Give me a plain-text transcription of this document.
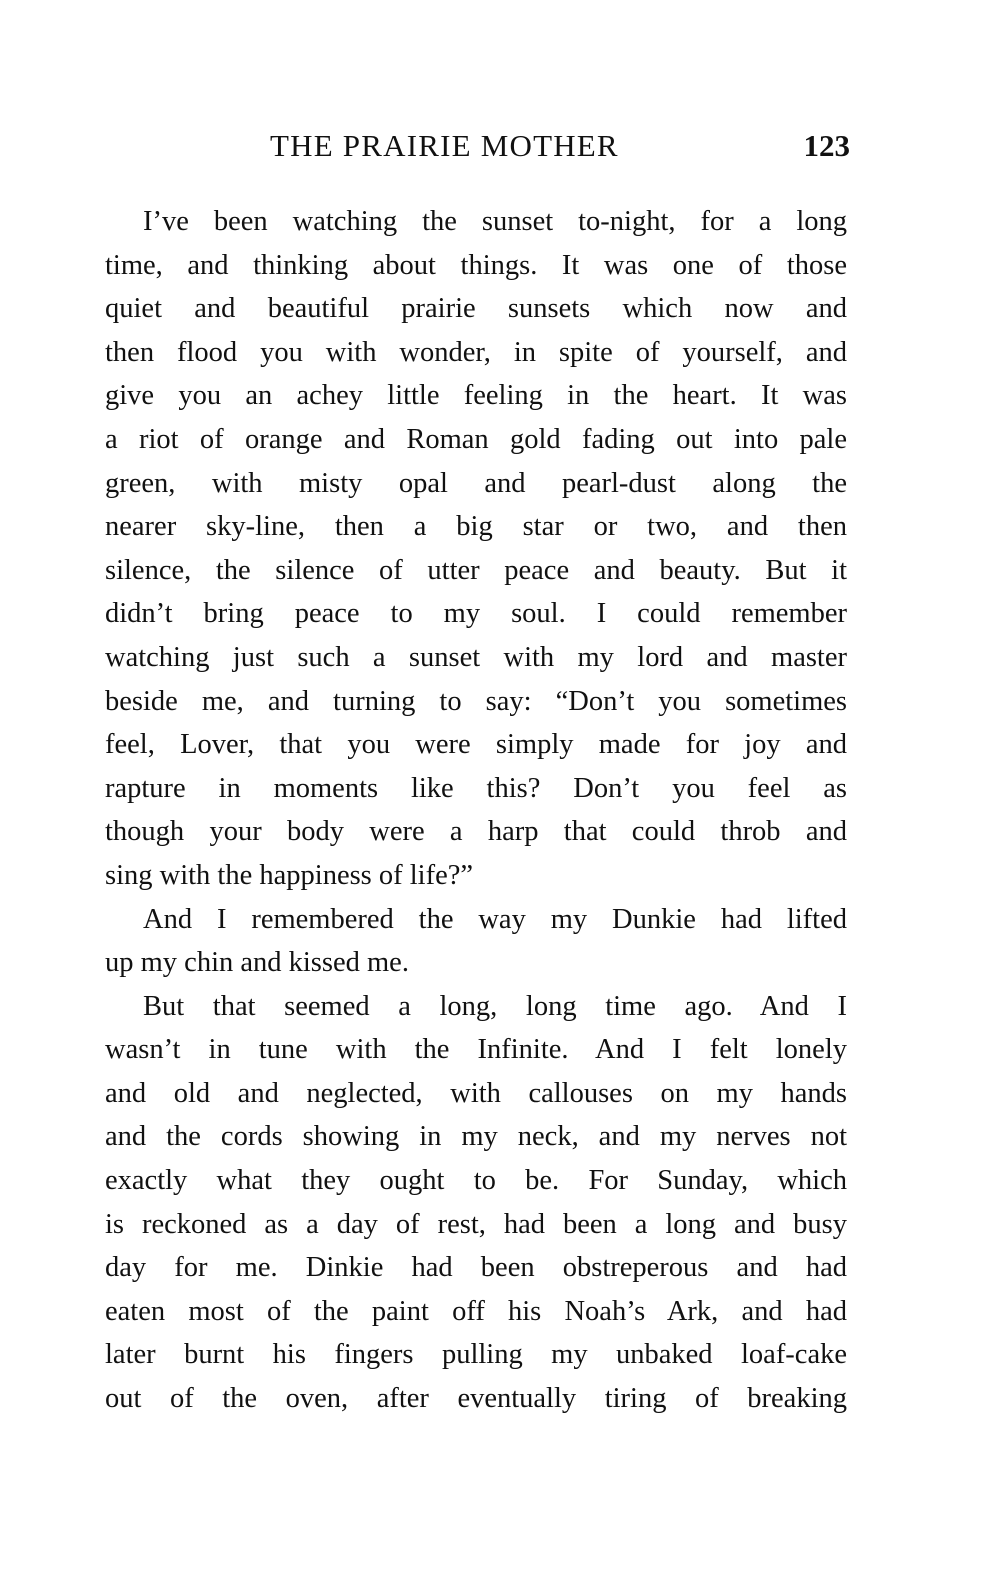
THE PRAIRIE MOTHER	123
I’ve been watching the sunset to-night, for a long
time, and thinking about things. It was one of those
quiet and beautiful prairie sunsets which now and
then flood you with wonder, in spite of yourself, and
give you an achey little feeling in the heart. It was
a riot of orange and Roman gold fading out into pale
green, with misty opal and pearl-dust along the
nearer sky-line, then a big star or two, and then
silence, the silence of utter peace and beauty. But it
didn’t bring peace to my soul. I could remember
watching just such a sunset with my lord and master
beside me, and turning to say: “Don’t you sometimes
feel, Lover, that you were simply made for joy and
rapture in moments like this? Don’t you feel as
though your body were a harp that could throb and
sing with the happiness of life?”
And I remembered the way my Dunkie had lifted
up my chin and kissed me.
But that seemed a long, long time ago. And I
wasn’t in tune with the Infinite. And I felt lonely
and old and neglected, with callouses on my hands
and the cords showing in my neck, and my nerves not
exactly what they ought to be. For Sunday, which
is reckoned as a day of rest, had been a long and busy
day for me. Dinkie had been obstreperous and had
eaten most of the paint off his Noah’s Ark, and had
later burnt his fingers pulling my unbaked loaf-cake
out of the oven, after eventually tiring of breaking
